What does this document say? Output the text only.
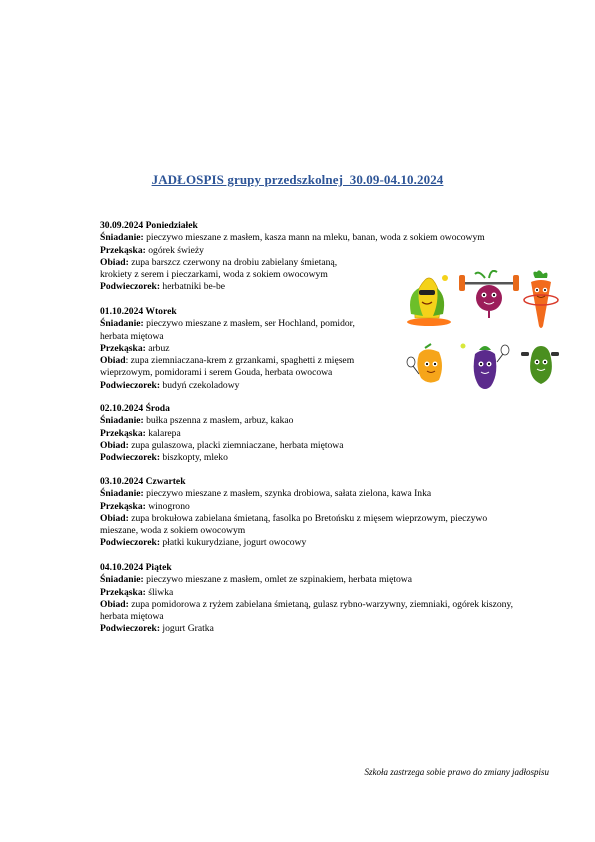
JADŁOSPIS grupy przedszkolnej  30.09-04.10.2024
30.09.2024 Poniedziałek
Śniadanie: pieczywo mieszane z masłem, kasza mann na mleku, banan, woda z sokiem owocowym
Przekąska: ogórek świeży
Obiad: zupa barszcz czerwony na drobiu zabielany śmietaną,
krokiety z serem i pieczarkami, woda z sokiem owocowym
Podwieczorek: herbatniki be-be
01.10.2024 Wtorek
Śniadanie: pieczywo mieszane z masłem, ser Hochland, pomidor,
herbata miętowa
Przekąska: arbuz
Obiad: zupa ziemniaczana-krem z grzankami, spaghetti z mięsem
wieprzowym, pomidorami i serem Gouda, herbata owocowa
Podwieczorek: budyń czekoladowy
02.10.2024 Środa
Śniadanie: bułka pszenna z masłem, arbuz, kakao
Przekąska: kalarepa
Obiad: zupa gulaszowa, placki ziemniaczane, herbata miętowa
Podwieczorek: biszkopty, mleko
03.10.2024 Czwartek
Śniadanie: pieczywo mieszane z masłem, szynka drobiowa, sałata zielona, kawa Inka
Przekąska: winogrono
Obiad: zupa brokułowa zabielana śmietaną, fasolka po Bretońsku z mięsem wieprzowym, pieczywo
mieszane, woda z sokiem owocowym
Podwieczorek: płatki kukurydziane, jogurt owocowy
04.10.2024 Piątek
Śniadanie: pieczywo mieszane z masłem, omlet ze szpinakiem, herbata miętowa
Przekąska: śliwka
Obiad: zupa pomidorowa z ryżem zabielana śmietaną, gulasz rybno-warzywny, ziemniaki, ogórek kiszony,
herbata miętowa
Podwieczorek: jogurt Gratka
Szkoła zastrzega sobie prawo do zmiany jadłospisu
